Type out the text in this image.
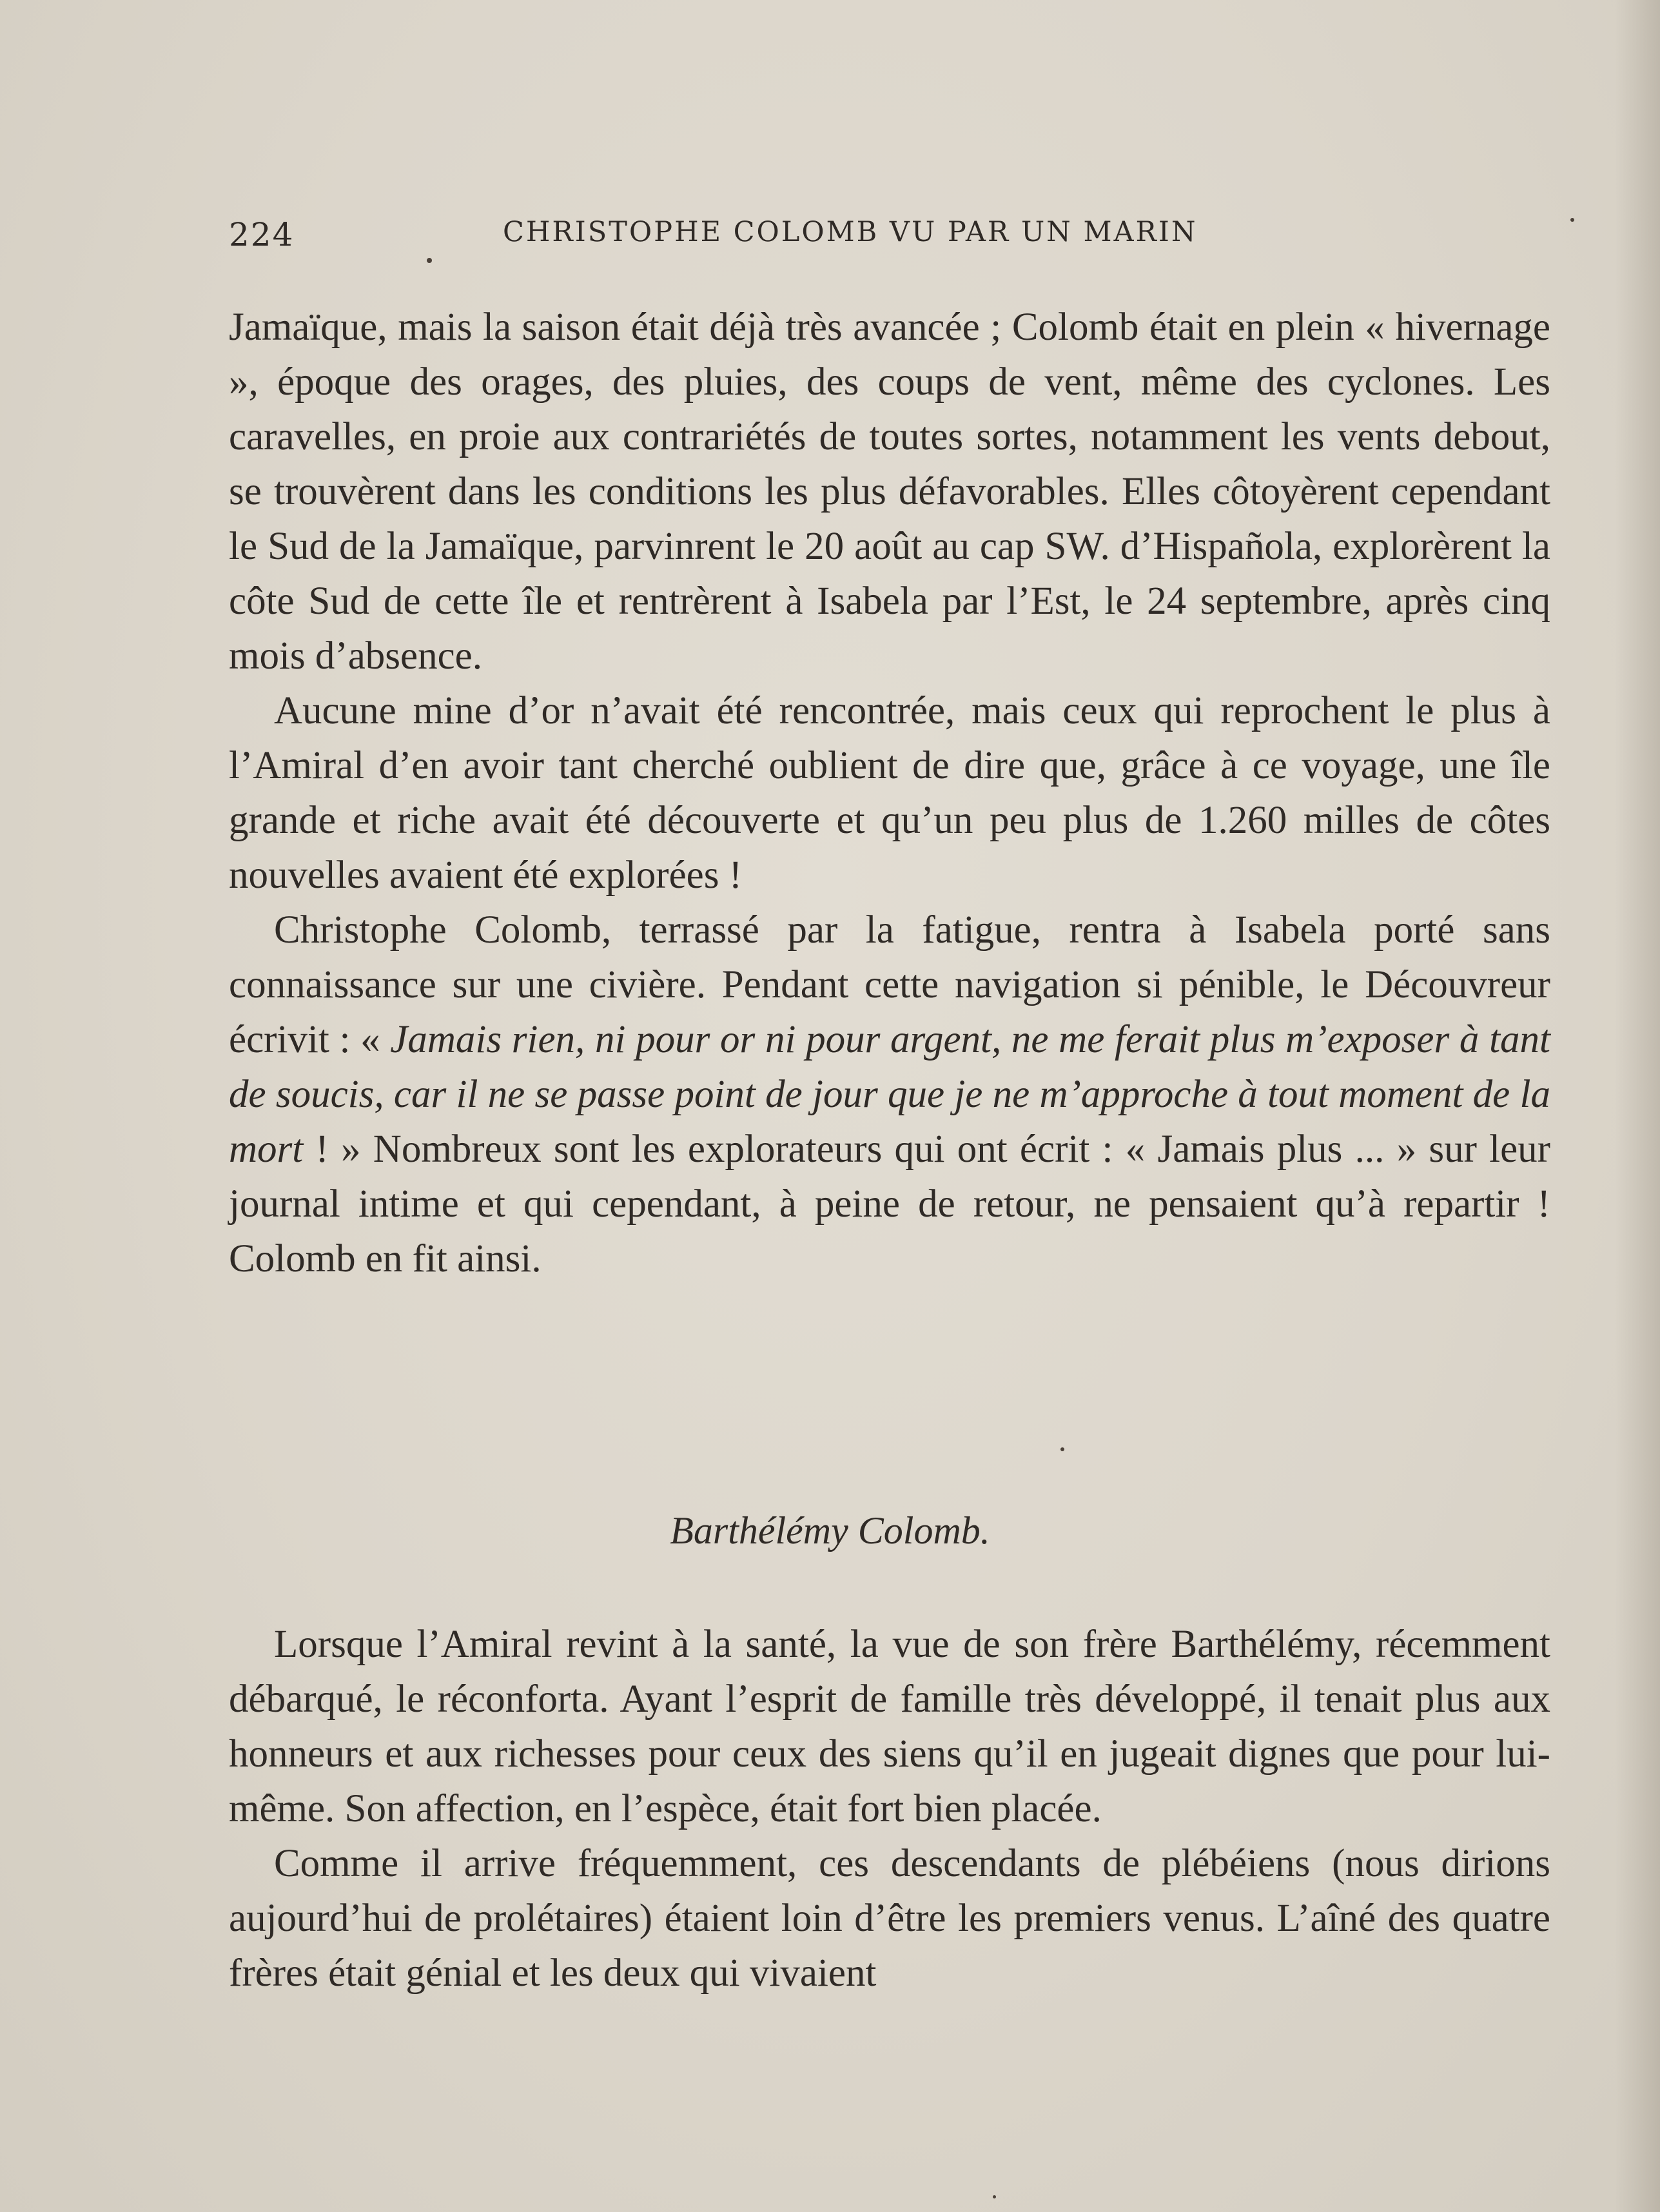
224	CHRISTOPHE COLOMB VU PAR UN MARIN

Jamaïque, mais la saison était déjà très avancée ; Colomb était en plein « hivernage », époque des orages, des pluies, des coups de vent, même des cyclones. Les caravelles, en proie aux contrariétés de toutes sortes, notamment les vents debout, se trouvèrent dans les conditions les plus défavorables. Elles côtoyèrent cependant le Sud de la Jamaïque, parvinrent le 20 août au cap SW. d’Hispañola, explorèrent la côte Sud de cette île et rentrèrent à Isabela par l’Est, le 24 septembre, après cinq mois d’absence.

Aucune mine d’or n’avait été rencontrée, mais ceux qui reprochent le plus à l’Amiral d’en avoir tant cherché oublient de dire que, grâce à ce voyage, une île grande et riche avait été découverte et qu’un peu plus de 1.260 milles de côtes nouvelles avaient été explorées !

Christophe Colomb, terrassé par la fatigue, rentra à Isabela porté sans connaissance sur une civière. Pendant cette navigation si pénible, le Découvreur écrivit : « Jamais rien, ni pour or ni pour argent, ne me ferait plus m’exposer à tant de soucis, car il ne se passe point de jour que je ne m’approche à tout moment de la mort ! » Nombreux sont les explorateurs qui ont écrit : « Jamais plus ... » sur leur journal intime et qui cependant, à peine de retour, ne pensaient qu’à repartir ! Colomb en fit ainsi.

Barthélémy Colomb.

Lorsque l’Amiral revint à la santé, la vue de son frère Barthélémy, récemment débarqué, le réconforta. Ayant l’esprit de famille très développé, il tenait plus aux honneurs et aux richesses pour ceux des siens qu’il en jugeait dignes que pour lui-même. Son affection, en l’espèce, était fort bien placée.

Comme il arrive fréquemment, ces descendants de plébéiens (nous dirions aujourd’hui de prolétaires) étaient loin d’être les premiers venus. L’aîné des quatre frères était génial et les deux qui vivaient
